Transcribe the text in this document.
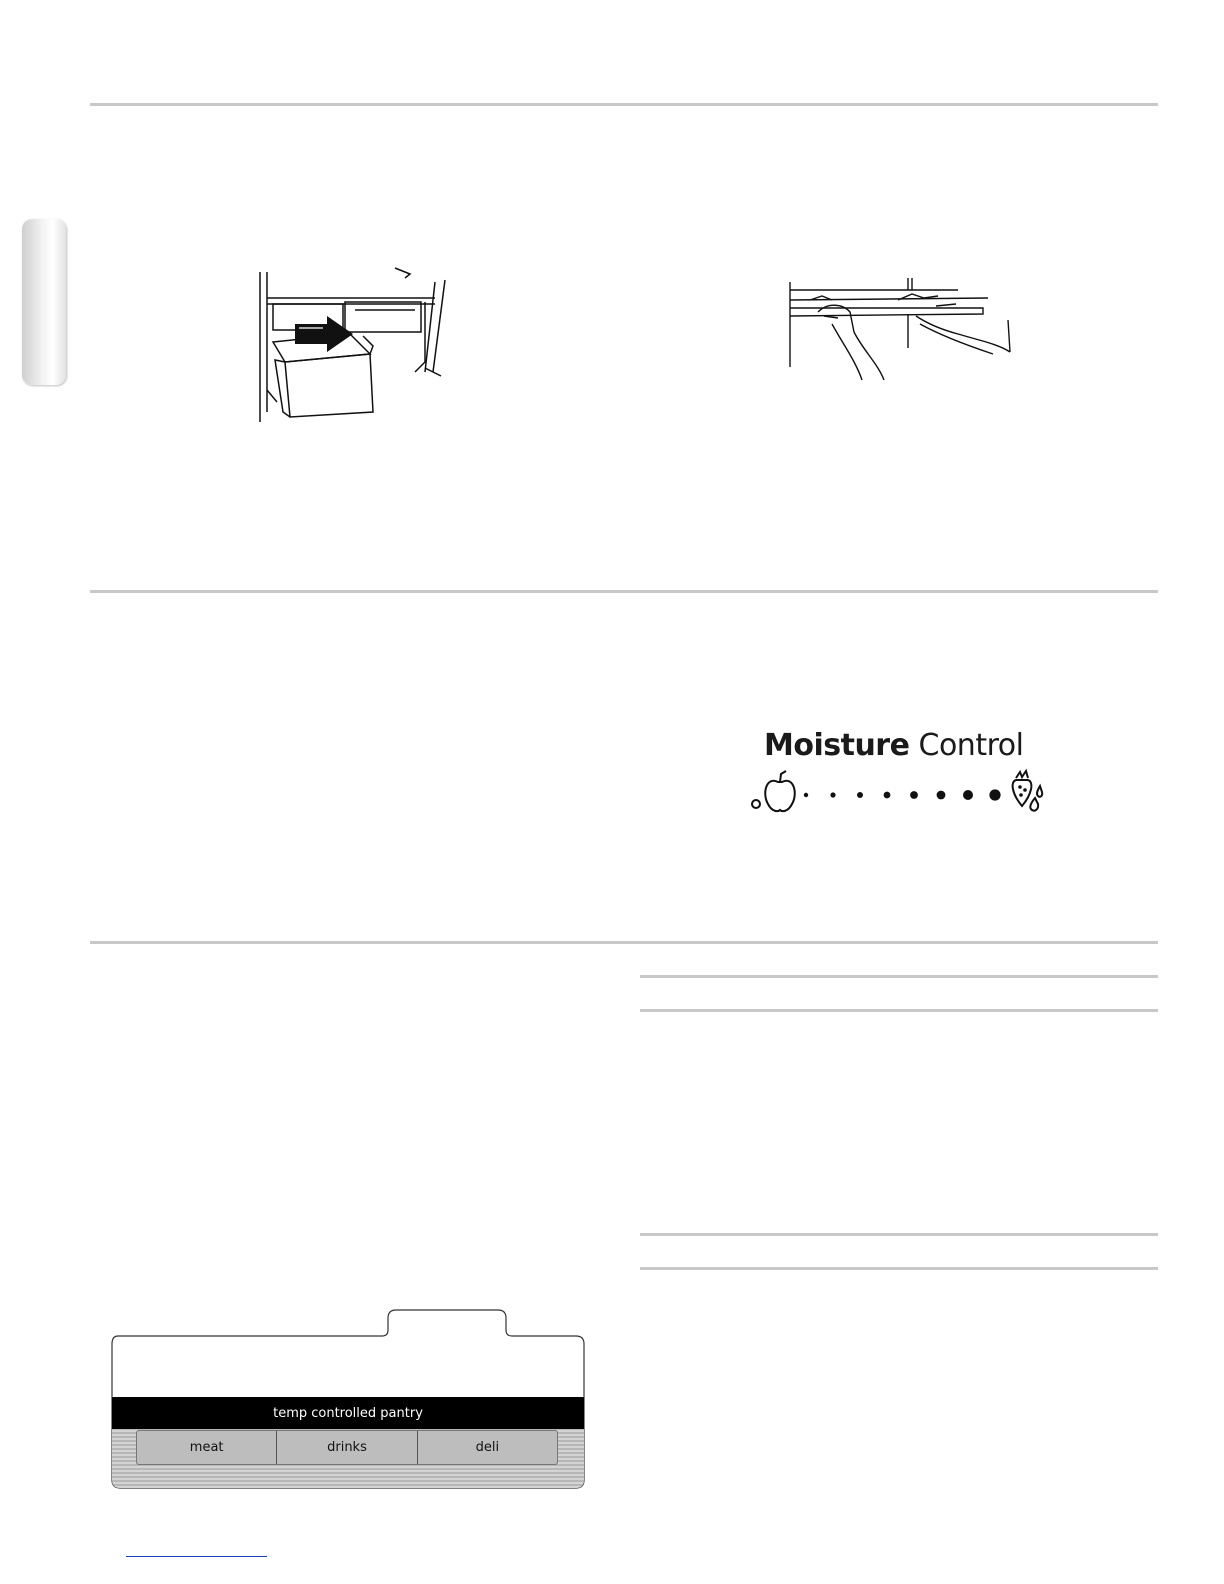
Moisture Control
temp controlled pantry
meat	drinks	deli
